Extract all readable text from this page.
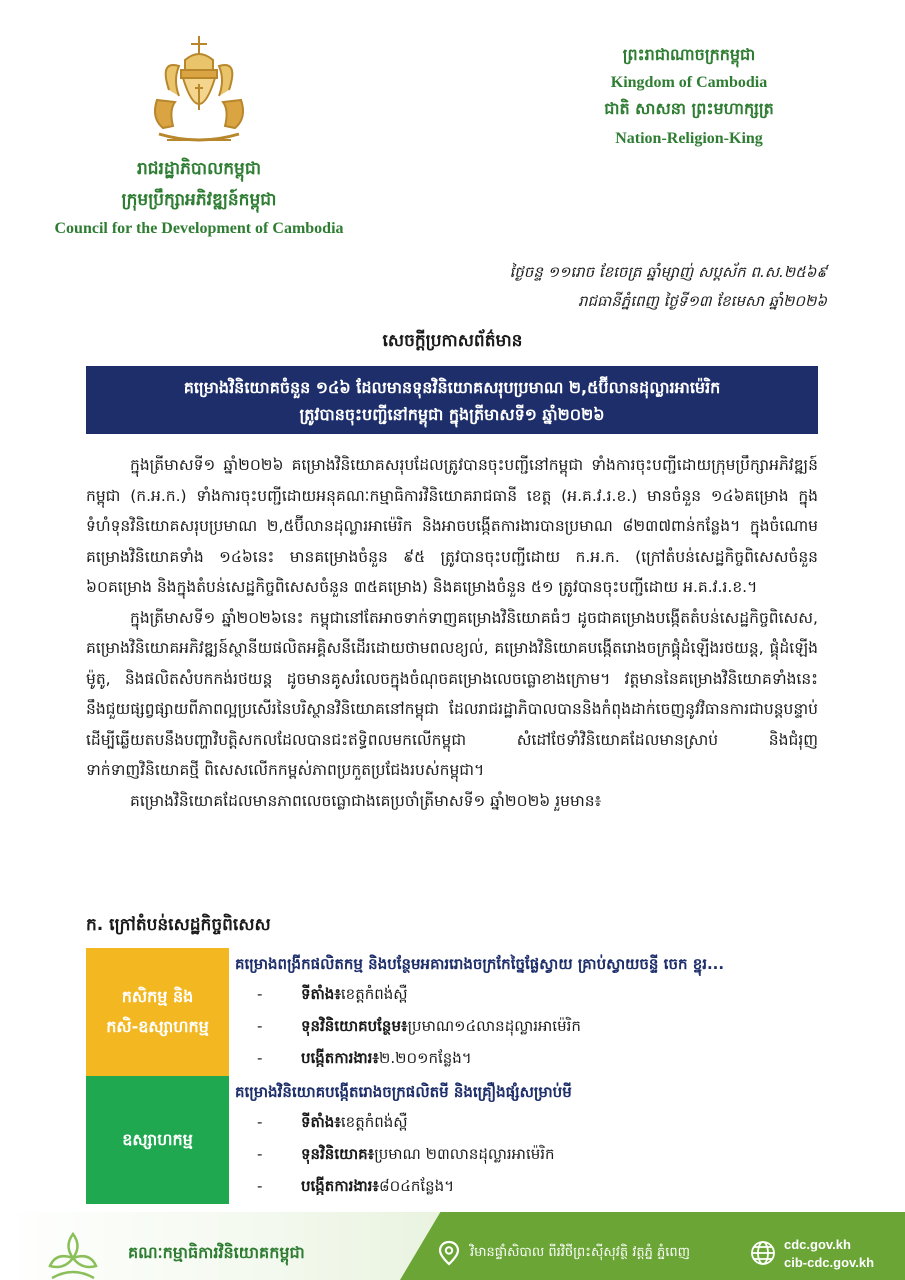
រាជរដ្ឋាភិបាលកម្ពុជា
ក្រុមប្រឹក្សាអភិវឌ្ឍន៍កម្ពុជា
Council for the Development of Cambodia
ព្រះរាជាណាចក្រកម្ពុជា
Kingdom of Cambodia
ជាតិ សាសនា ព្រះមហាក្សត្រ
Nation-Religion-King
ថ្ងៃចន្ទ ១១រោច ខែចេត្រ ឆ្នាំម្សាញ់ សប្តស័ក ព.ស.២៥៦៩
រាជធានីភ្នំពេញ ថ្ងៃទី១៣ ខែមេសា ឆ្នាំ២០២៦
សេចក្តីប្រកាសព័ត៌មាន
គម្រោងវិនិយោគចំនួន ១៤៦ ដែលមានទុនវិនិយោគសរុបប្រមាណ ២,៥ប៊ីលានដុល្លារអាម៉េរិក
ត្រូវបានចុះបញ្ជីនៅកម្ពុជា ក្នុងត្រីមាសទី១ ឆ្នាំ២០២៦

ក្នុងត្រីមាសទី១ ឆ្នាំ២០២៦ គម្រោងវិនិយោគសរុបដែលត្រូវបានចុះបញ្ជីនៅកម្ពុជា ទាំងការចុះបញ្ជីដោយក្រុមប្រឹក្សាអភិវឌ្ឍន៍កម្ពុជា (ក.អ.ក.) ទាំងការចុះបញ្ជីដោយអនុគណៈកម្មាធិការវិនិយោគរាជធានី ខេត្ត (អ.គ.វ.រ.ខ.) មានចំនួន ១៤៦គម្រោង ក្នុងទំហំទុនវិនិយោគសរុបប្រមាណ ២,៥ប៊ីលានដុល្លារអាម៉េរិក និងអាចបង្កើតការងារបានប្រមាណ ៨២៣៧ពាន់កន្លែង។ ក្នុងចំណោមគម្រោងវិនិយោគទាំង ១៤៦នេះ មានគម្រោងចំនួន ៩៥ ត្រូវបានចុះបញ្ជីដោយ ក.អ.ក. (ក្រៅតំបន់សេដ្ឋកិច្ចពិសេសចំនួន ៦០គម្រោង និងក្នុងតំបន់សេដ្ឋកិច្ចពិសេសចំនួន ៣៥គម្រោង) និងគម្រោងចំនួន ៥១ ត្រូវបានចុះបញ្ជីដោយ អ.គ.វ.រ.ខ.។

ក្នុងត្រីមាសទី១ ឆ្នាំ២០២៦នេះ កម្ពុជានៅតែអាចទាក់ទាញគម្រោងវិនិយោគធំៗ ដូចជាគម្រោងបង្កើតតំបន់សេដ្ឋកិច្ចពិសេស, គម្រោងវិនិយោគអភិវឌ្ឍន៍ស្ថានីយផលិតអគ្គិសនីដើរដោយថាមពលខ្យល់, គម្រោងវិនិយោគបង្កើតរោងចក្រផ្គុំដំឡើងរថយន្ត, ផ្គុំដំឡើងម៉ូតូ, និងផលិតសំបកកង់រថយន្ត ដូចមានគូសរំលេចក្នុងចំណុចគម្រោងលេចធ្លោខាងក្រោម។ វត្តមាននៃគម្រោងវិនិយោគទាំងនេះ នឹងជួយផ្សព្វផ្សាយពីភាពល្អប្រសើរនៃបរិស្ថានវិនិយោគនៅកម្ពុជា ដែលរាជរដ្ឋាភិបាលបាននិងកំពុងដាក់ចេញនូវវិធានការជាបន្តបន្ទាប់ដើម្បីឆ្លើយតបនឹងបញ្ហាវិបត្តិសកលដែលបានជះឥទ្ធិពលមកលើកម្ពុជា សំដៅថែទាំវិនិយោគដែលមានស្រាប់ និងជំរុញទាក់ទាញវិនិយោគថ្មី ពិសេសលើកកម្ពស់ភាពប្រកួតប្រជែងរបស់កម្ពុជា។

គម្រោងវិនិយោគដែលមានភាពលេចធ្លោជាងគេប្រចាំត្រីមាសទី១ ឆ្នាំ២០២៦ រួមមាន៖

ក. ក្រៅតំបន់សេដ្ឋកិច្ចពិសេស
កសិកម្ម និង
កសិ-ឧស្សាហកម្ម
គម្រោងពង្រីកផលិតកម្ម និងបន្ថែមអគាររោងចក្រកែច្នៃផ្លែស្វាយ គ្រាប់ស្វាយចន្ទី ចេក ខ្នុរ...
-	ទីតាំង៖ ខេត្តកំពង់ស្ពឺ
-	ទុនវិនិយោគបន្ថែម៖ ប្រមាណ១៤លានដុល្លារអាម៉េរិក
-	បង្កើតការងារ៖ ២.២០១កន្លែង។
ឧស្សាហកម្ម
គម្រោងវិនិយោគបង្កើតរោងចក្រផលិតមី និងគ្រឿងផ្សំសម្រាប់មី
-	ទីតាំង៖ ខេត្តកំពង់ស្ពឺ
-	ទុនវិនិយោគ៖ ប្រមាណ ២៣លានដុល្លារអាម៉េរិក
-	បង្កើតការងារ៖ ៨០៤កន្លែង។
គណៈកម្មាធិការវិនិយោគកម្ពុជា	វិមានផ្ទាំសិបាល ពីរវិថីព្រះស៊ីសុវត្ថិ វត្តភ្នំ ភ្នំពេញ
cdc.gov.kh
cib-cdc.gov.kh
